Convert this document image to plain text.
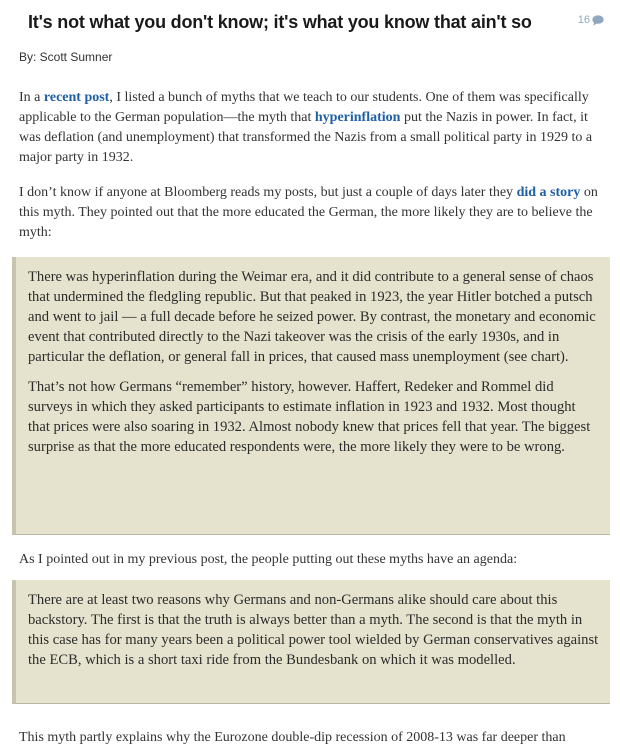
It's not what you don't know; it's what you know that ain't so	16
By: Scott Sumner

In a recent post, I listed a bunch of myths that we teach to our students. One of them was specifically applicable to the German population—the myth that hyperinflation put the Nazis in power. In fact, it was deflation (and unemployment) that transformed the Nazis from a small political party in 1929 to a major party in 1932.

I don’t know if anyone at Bloomberg reads my posts, but just a couple of days later they did a story on this myth. They pointed out that the more educated the German, the more likely they are to believe the myth:

There was hyperinflation during the Weimar era, and it did contribute to a general sense of chaos that undermined the fledgling republic. But that peaked in 1923, the year Hitler botched a putsch and went to jail — a full decade before he seized power. By contrast, the monetary and economic event that contributed directly to the Nazi takeover was the crisis of the early 1930s, and in particular the deflation, or general fall in prices, that caused mass unemployment (see chart).

That’s not how Germans “remember” history, however. Haffert, Redeker and Rommel did surveys in which they asked participants to estimate inflation in 1923 and 1932. Most thought that prices were also soaring in 1932. Almost nobody knew that prices fell that year. The biggest surprise as that the more educated respondents were, the more likely they were to be wrong.

As I pointed out in my previous post, the people putting out these myths have an agenda:

There are at least two reasons why Germans and non-Germans alike should care about this backstory. The first is that the truth is always better than a myth. The second is that the myth in this case has for many years been a political power tool wielded by German conservatives against the ECB, which is a short taxi ride from the Bundesbank on which it was modelled.

This myth partly explains why the Eurozone double-dip recession of 2008-13 was far deeper than
